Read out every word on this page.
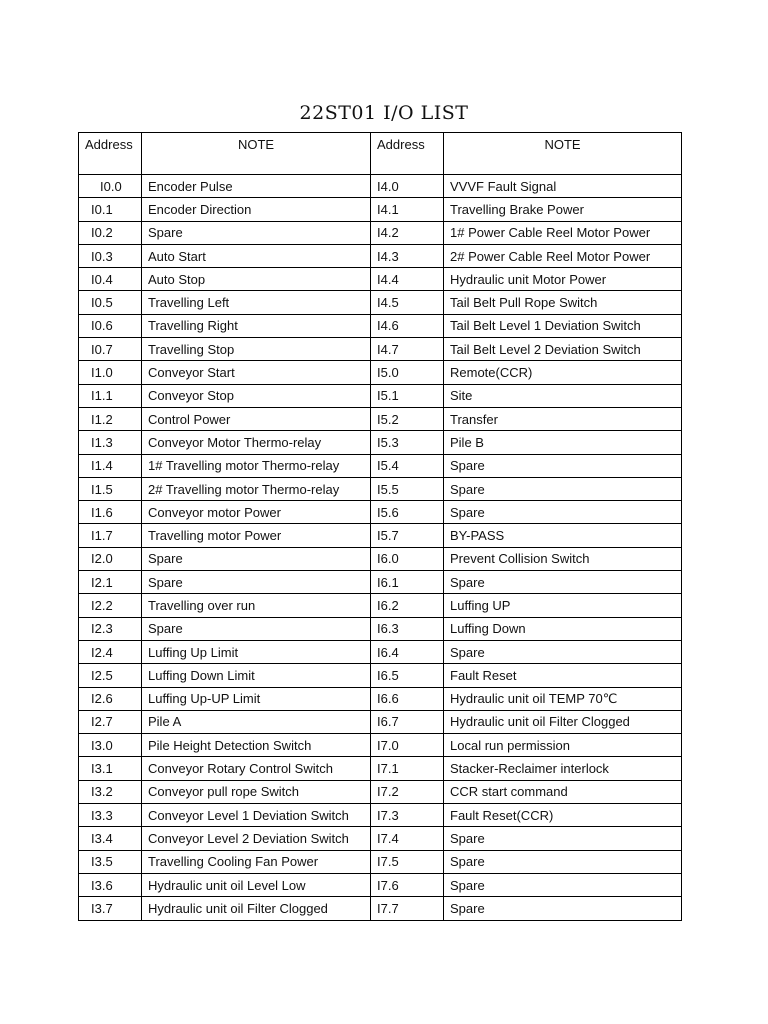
22ST01 I/O LIST
Address	NOTE	Address	NOTE
I0.0	Encoder Pulse	I4.0	VVVF Fault Signal
I0.1	Encoder Direction	I4.1	Travelling Brake Power
I0.2	Spare	I4.2	1# Power Cable Reel Motor Power
I0.3	Auto Start	I4.3	2# Power Cable Reel Motor Power
I0.4	Auto Stop	I4.4	Hydraulic unit Motor Power
I0.5	Travelling Left	I4.5	Tail Belt Pull Rope Switch
I0.6	Travelling Right	I4.6	Tail Belt Level 1 Deviation Switch
I0.7	Travelling Stop	I4.7	Tail Belt Level 2 Deviation Switch
I1.0	Conveyor Start	I5.0	Remote(CCR)
I1.1	Conveyor Stop	I5.1	Site
I1.2	Control Power	I5.2	Transfer
I1.3	Conveyor Motor Thermo-relay	I5.3	Pile B
I1.4	1# Travelling motor Thermo-relay	I5.4	Spare
I1.5	2# Travelling motor Thermo-relay	I5.5	Spare
I1.6	Conveyor motor Power	I5.6	Spare
I1.7	Travelling motor Power	I5.7	BY-PASS
I2.0	Spare	I6.0	Prevent Collision Switch
I2.1	Spare	I6.1	Spare
I2.2	Travelling over run	I6.2	Luffing UP
I2.3	Spare	I6.3	Luffing Down
I2.4	Luffing Up Limit	I6.4	Spare
I2.5	Luffing Down Limit	I6.5	Fault Reset
I2.6	Luffing Up-UP Limit	I6.6	Hydraulic unit oil TEMP 70℃
I2.7	Pile A	I6.7	Hydraulic unit oil Filter Clogged
I3.0	Pile Height Detection Switch	I7.0	Local run permission
I3.1	Conveyor Rotary Control Switch	I7.1	Stacker-Reclaimer interlock
I3.2	Conveyor pull rope Switch	I7.2	CCR start command
I3.3	Conveyor Level 1 Deviation Switch	I7.3	Fault Reset(CCR)
I3.4	Conveyor Level 2 Deviation Switch	I7.4	Spare
I3.5	Travelling Cooling Fan Power	I7.5	Spare
I3.6	Hydraulic unit oil Level Low	I7.6	Spare
I3.7	Hydraulic unit oil Filter Clogged	I7.7	Spare
